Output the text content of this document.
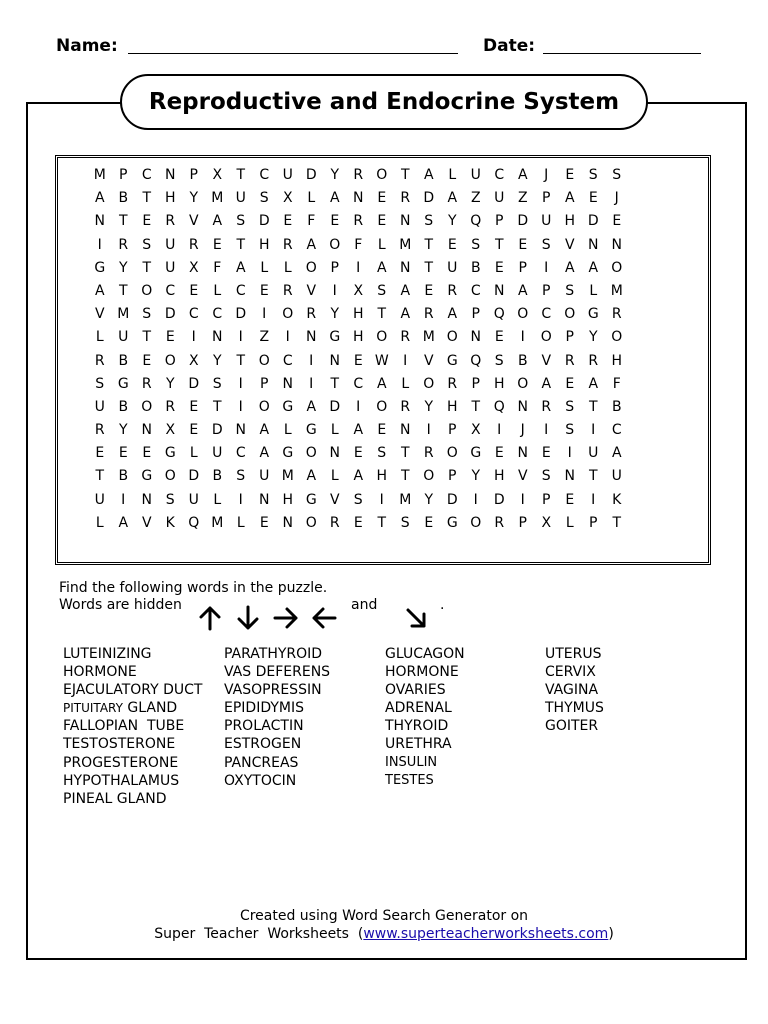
Name:	Date:
Reproductive and Endocrine System
M P	C N	P	X	T	C U D Y	R O T	A	L	U C A	J	E	S	S
A B	T H Y M U S	X	L	A N E	R D A Z U Z	P	A	E	J
N T	E	R V A	S D E	F	E	R	E N S	Y Q P D U H D E
I	R	S U R	E	T H R A O F	L M T	E	S	T	E	S	V N N
G Y	T	U X	F	A	L	L	O P	I	A N T	U B	E	P	I	A A O
A	T O C	E	L	C	E	R V	I	X	S	A	E	R C N A	P	S	L M
V M S D C C D	I	O R	Y H T	A R A	P Q O C O G R
L	U	T	E	I	N	I	Z	I	N G H O R M O N E	I	O P	Y O
R B	E O X	Y	T O C	I	N E W	I	V G Q S	B V R R H
S G R	Y D S	I	P	N	I	T	C A	L	O R	P	H O A	E	A	F
U B O R	E	T	I	O G A D	I	O R	Y H T Q N R	S	T	B
R	Y N X	E D N A	L	G	L	A	E N	I	P	X	I	J	I	S	I	C
E	E	E G	L	U C A G O N E	S	T	R O G E N E	I	U A
T	B G O D B	S U M A	L	A H T O P	Y H V	S N T	U
U	I	N S U	L	I	N H G V	S	I	M Y D	I	D	I	P	E	I	K
L	A V	K Q M L	E N O R	E	T	S	E G O R	P	X	L	P	T
Find the following words in the puzzle.
Words are hidden	and	.
LUTEINIZING
HORMONE
EJACULATORY DUCT
PITUITARY GLAND
FALLOPIAN  TUBE
TESTOSTERONE
PROGESTERONE
HYPOTHALAMUS
PINEAL GLAND
PARATHYROID
VAS DEFERENS
VASOPRESSIN
EPIDIDYMIS
PROLACTIN
ESTROGEN
PANCREAS
OXYTOCIN
GLUCAGON
HORMONE
OVARIES
ADRENAL
THYROID
URETHRA
INSULIN
TESTES
UTERUS
CERVIX
VAGINA
THYMUS
GOITER
Created using Word Search Generator on
Super  Teacher  Worksheets  (www.superteacherworksheets.com)
